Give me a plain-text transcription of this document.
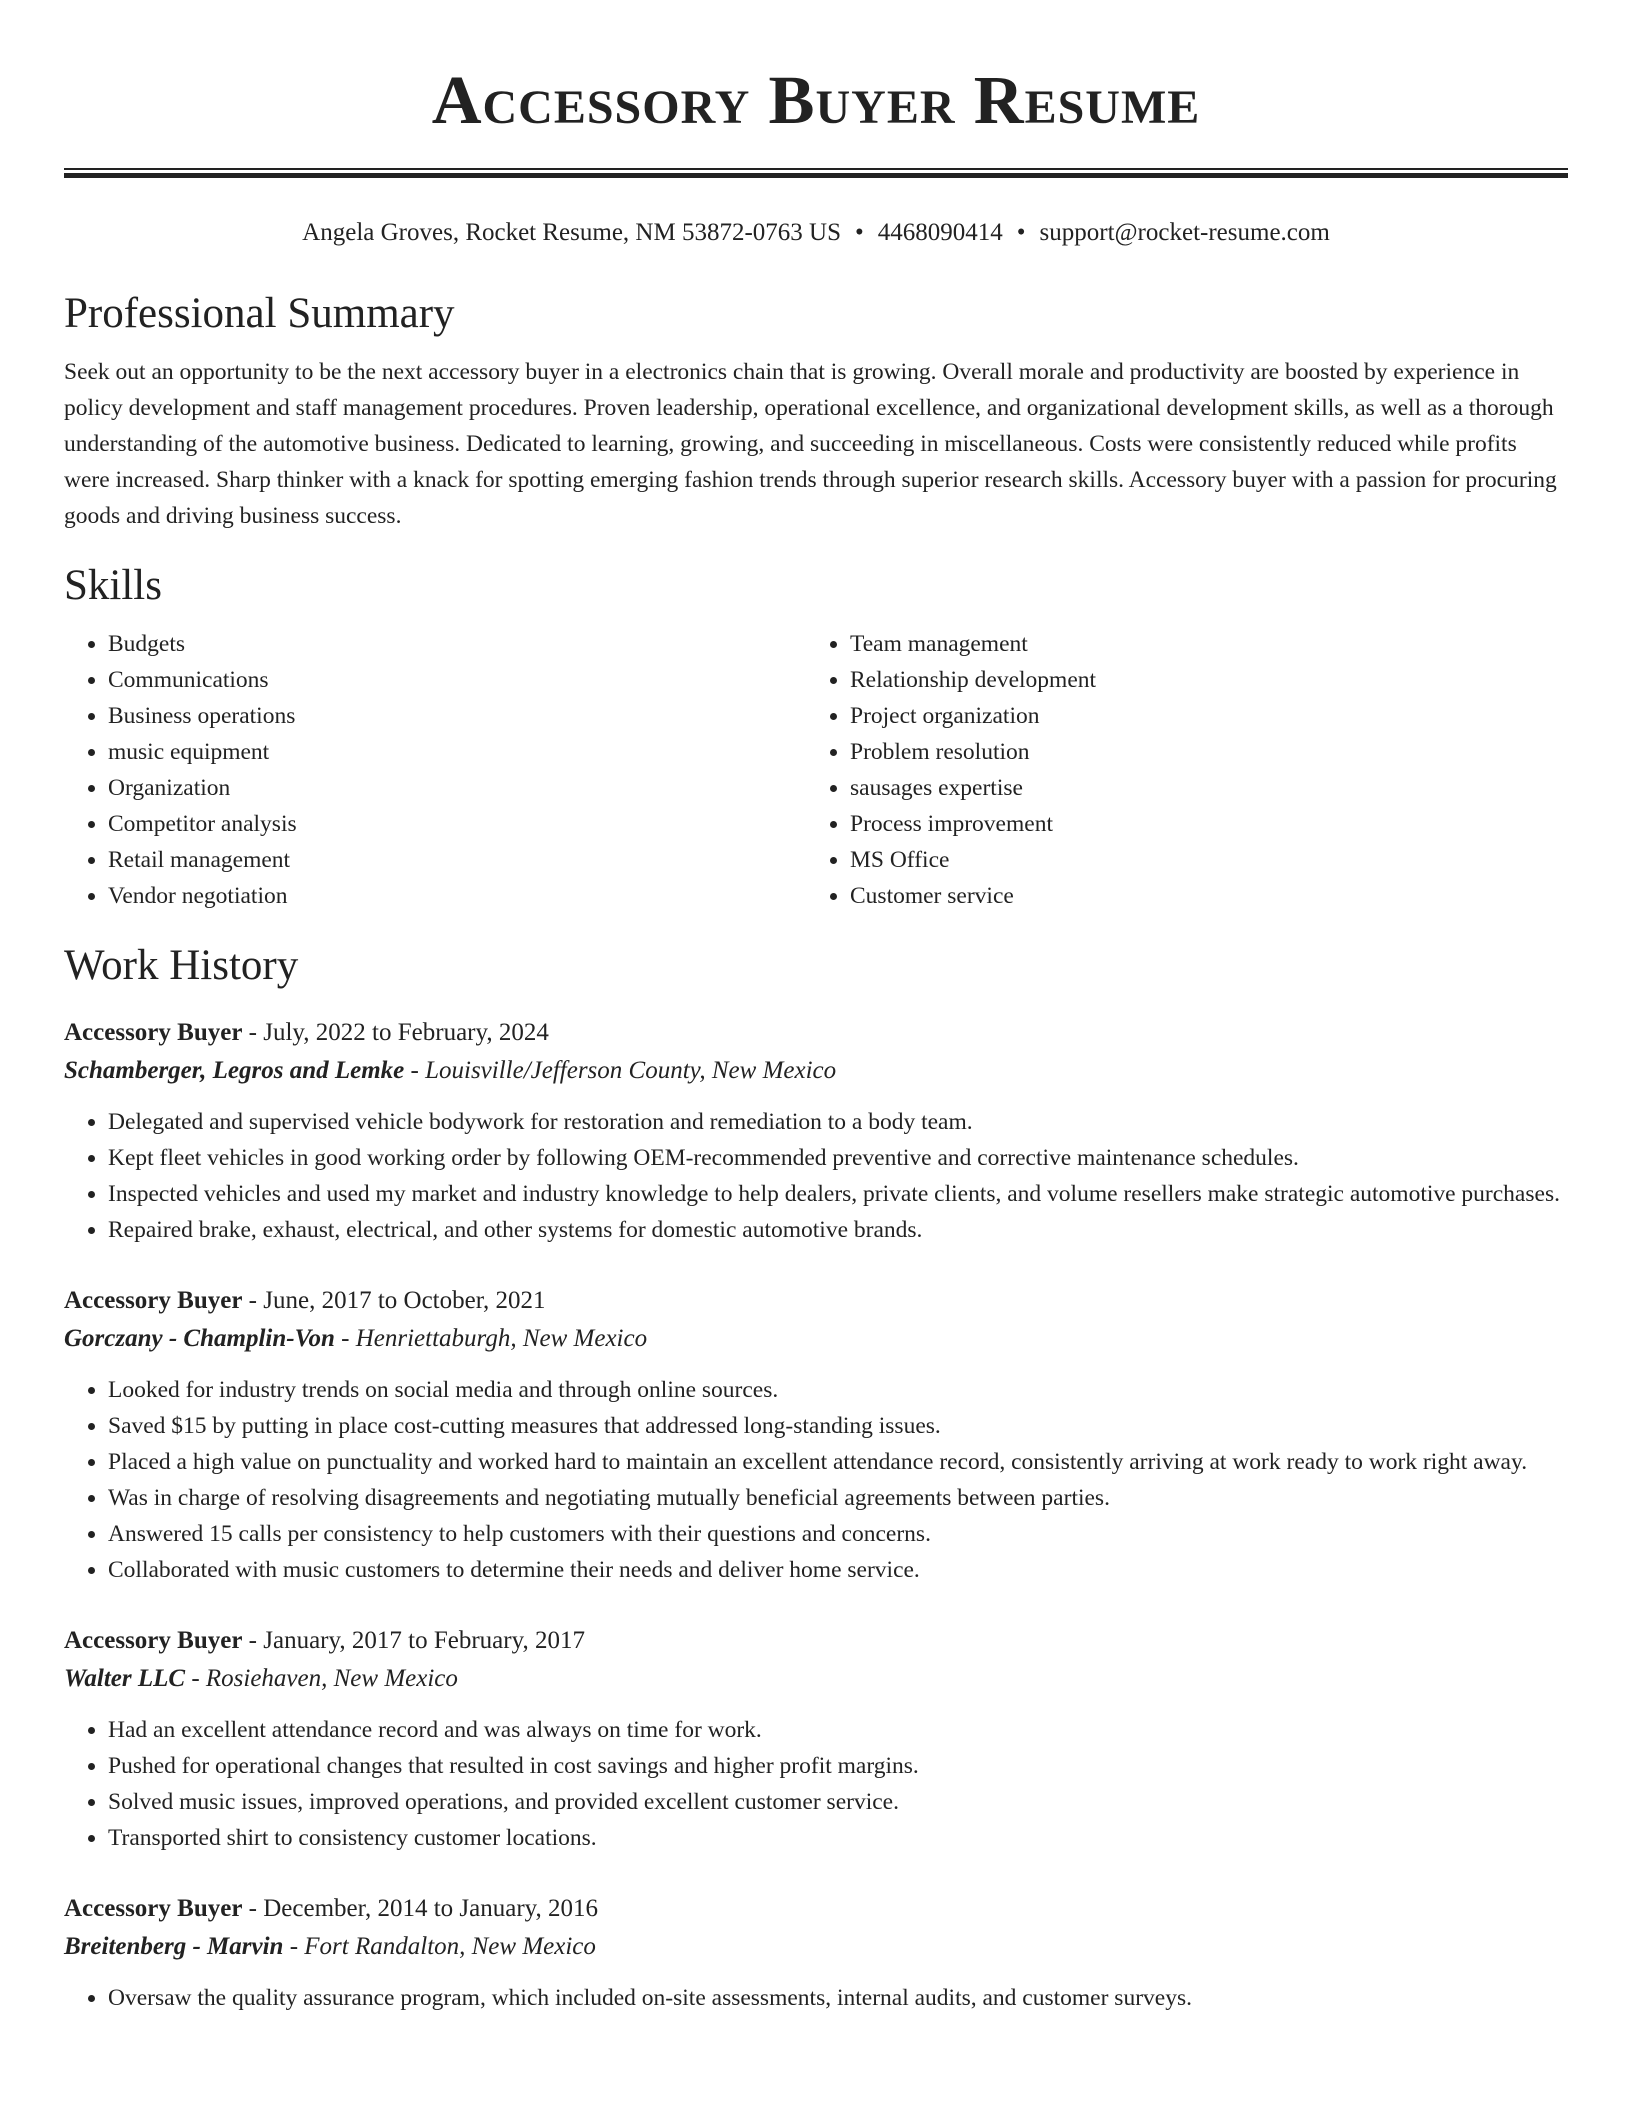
Accessory Buyer Resume
Angela Groves, Rocket Resume, NM 53872-0763 US • 4468090414 • support@rocket-resume.com
Professional Summary

Seek out an opportunity to be the next accessory buyer in a electronics chain that is growing. Overall morale and productivity are boosted by experience in policy development and staff management procedures. Proven leadership, operational excellence, and organizational development skills, as well as a thorough understanding of the automotive business. Dedicated to learning, growing, and succeeding in miscellaneous. Costs were consistently reduced while profits were increased. Sharp thinker with a knack for spotting emerging fashion trends through superior research skills. Accessory buyer with a passion for procuring goods and driving business success.

Skills
• Budgets
• Communications
• Business operations
• music equipment
• Organization
• Competitor analysis
• Retail management
• Vendor negotiation
• Team management
• Relationship development
• Project organization
• Problem resolution
• sausages expertise
• Process improvement
• MS Office
• Customer service
Work History
Accessory Buyer - July, 2022 to February, 2024
Schamberger, Legros and Lemke - Louisville/Jefferson County, New Mexico
• Delegated and supervised vehicle bodywork for restoration and remediation to a body team.
• Kept fleet vehicles in good working order by following OEM-recommended preventive and corrective maintenance schedules.
• Inspected vehicles and used my market and industry knowledge to help dealers, private clients, and volume resellers make strategic automotive purchases.
• Repaired brake, exhaust, electrical, and other systems for domestic automotive brands.
Accessory Buyer - June, 2017 to October, 2021
Gorczany - Champlin-Von - Henriettaburgh, New Mexico
• Looked for industry trends on social media and through online sources.
• Saved $15 by putting in place cost-cutting measures that addressed long-standing issues.
• Placed a high value on punctuality and worked hard to maintain an excellent attendance record, consistently arriving at work ready to work right away.
• Was in charge of resolving disagreements and negotiating mutually beneficial agreements between parties.
• Answered 15 calls per consistency to help customers with their questions and concerns.
• Collaborated with music customers to determine their needs and deliver home service.
Accessory Buyer - January, 2017 to February, 2017
Walter LLC - Rosiehaven, New Mexico
• Had an excellent attendance record and was always on time for work.
• Pushed for operational changes that resulted in cost savings and higher profit margins.
• Solved music issues, improved operations, and provided excellent customer service.
• Transported shirt to consistency customer locations.
Accessory Buyer - December, 2014 to January, 2016
Breitenberg - Marvin - Fort Randalton, New Mexico
• Oversaw the quality assurance program, which included on-site assessments, internal audits, and customer surveys.
